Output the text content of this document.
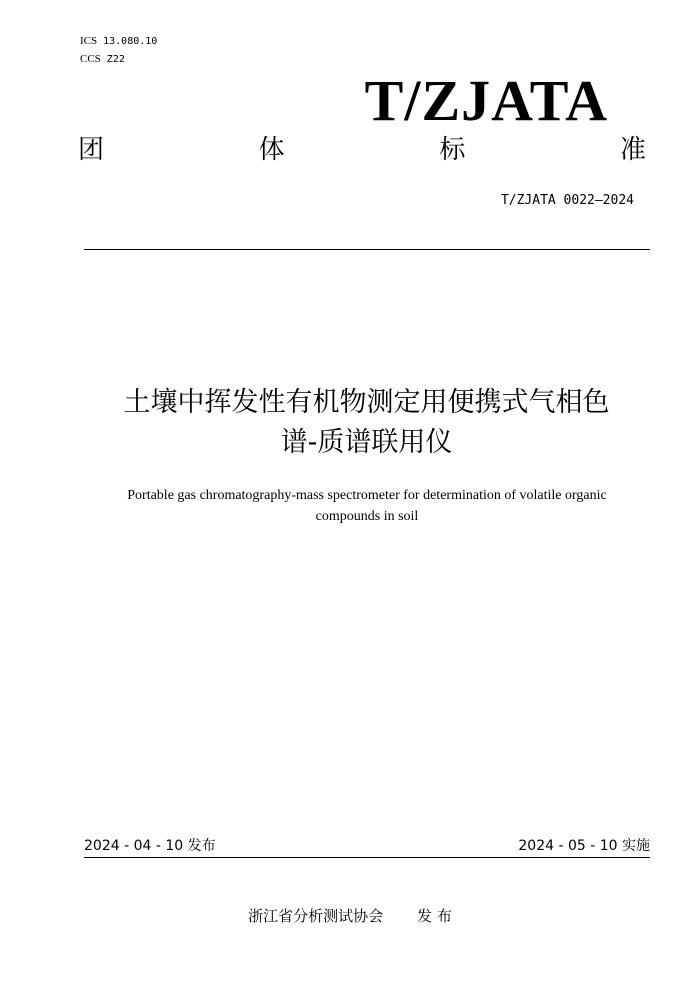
ICS 13.080.10
CCS Z22
T/ZJATA
团	体	标	准
T/ZJATA 0022—2024
土壤中挥发性有机物测定用便携式气相色
谱-质谱联用仪
Portable gas chromatography-mass spectrometer for determination of volatile organic
compounds in soil
2024 - 04 - 10 发布	2024 - 05 - 10 实施
浙江省分析测试协会 发 布
